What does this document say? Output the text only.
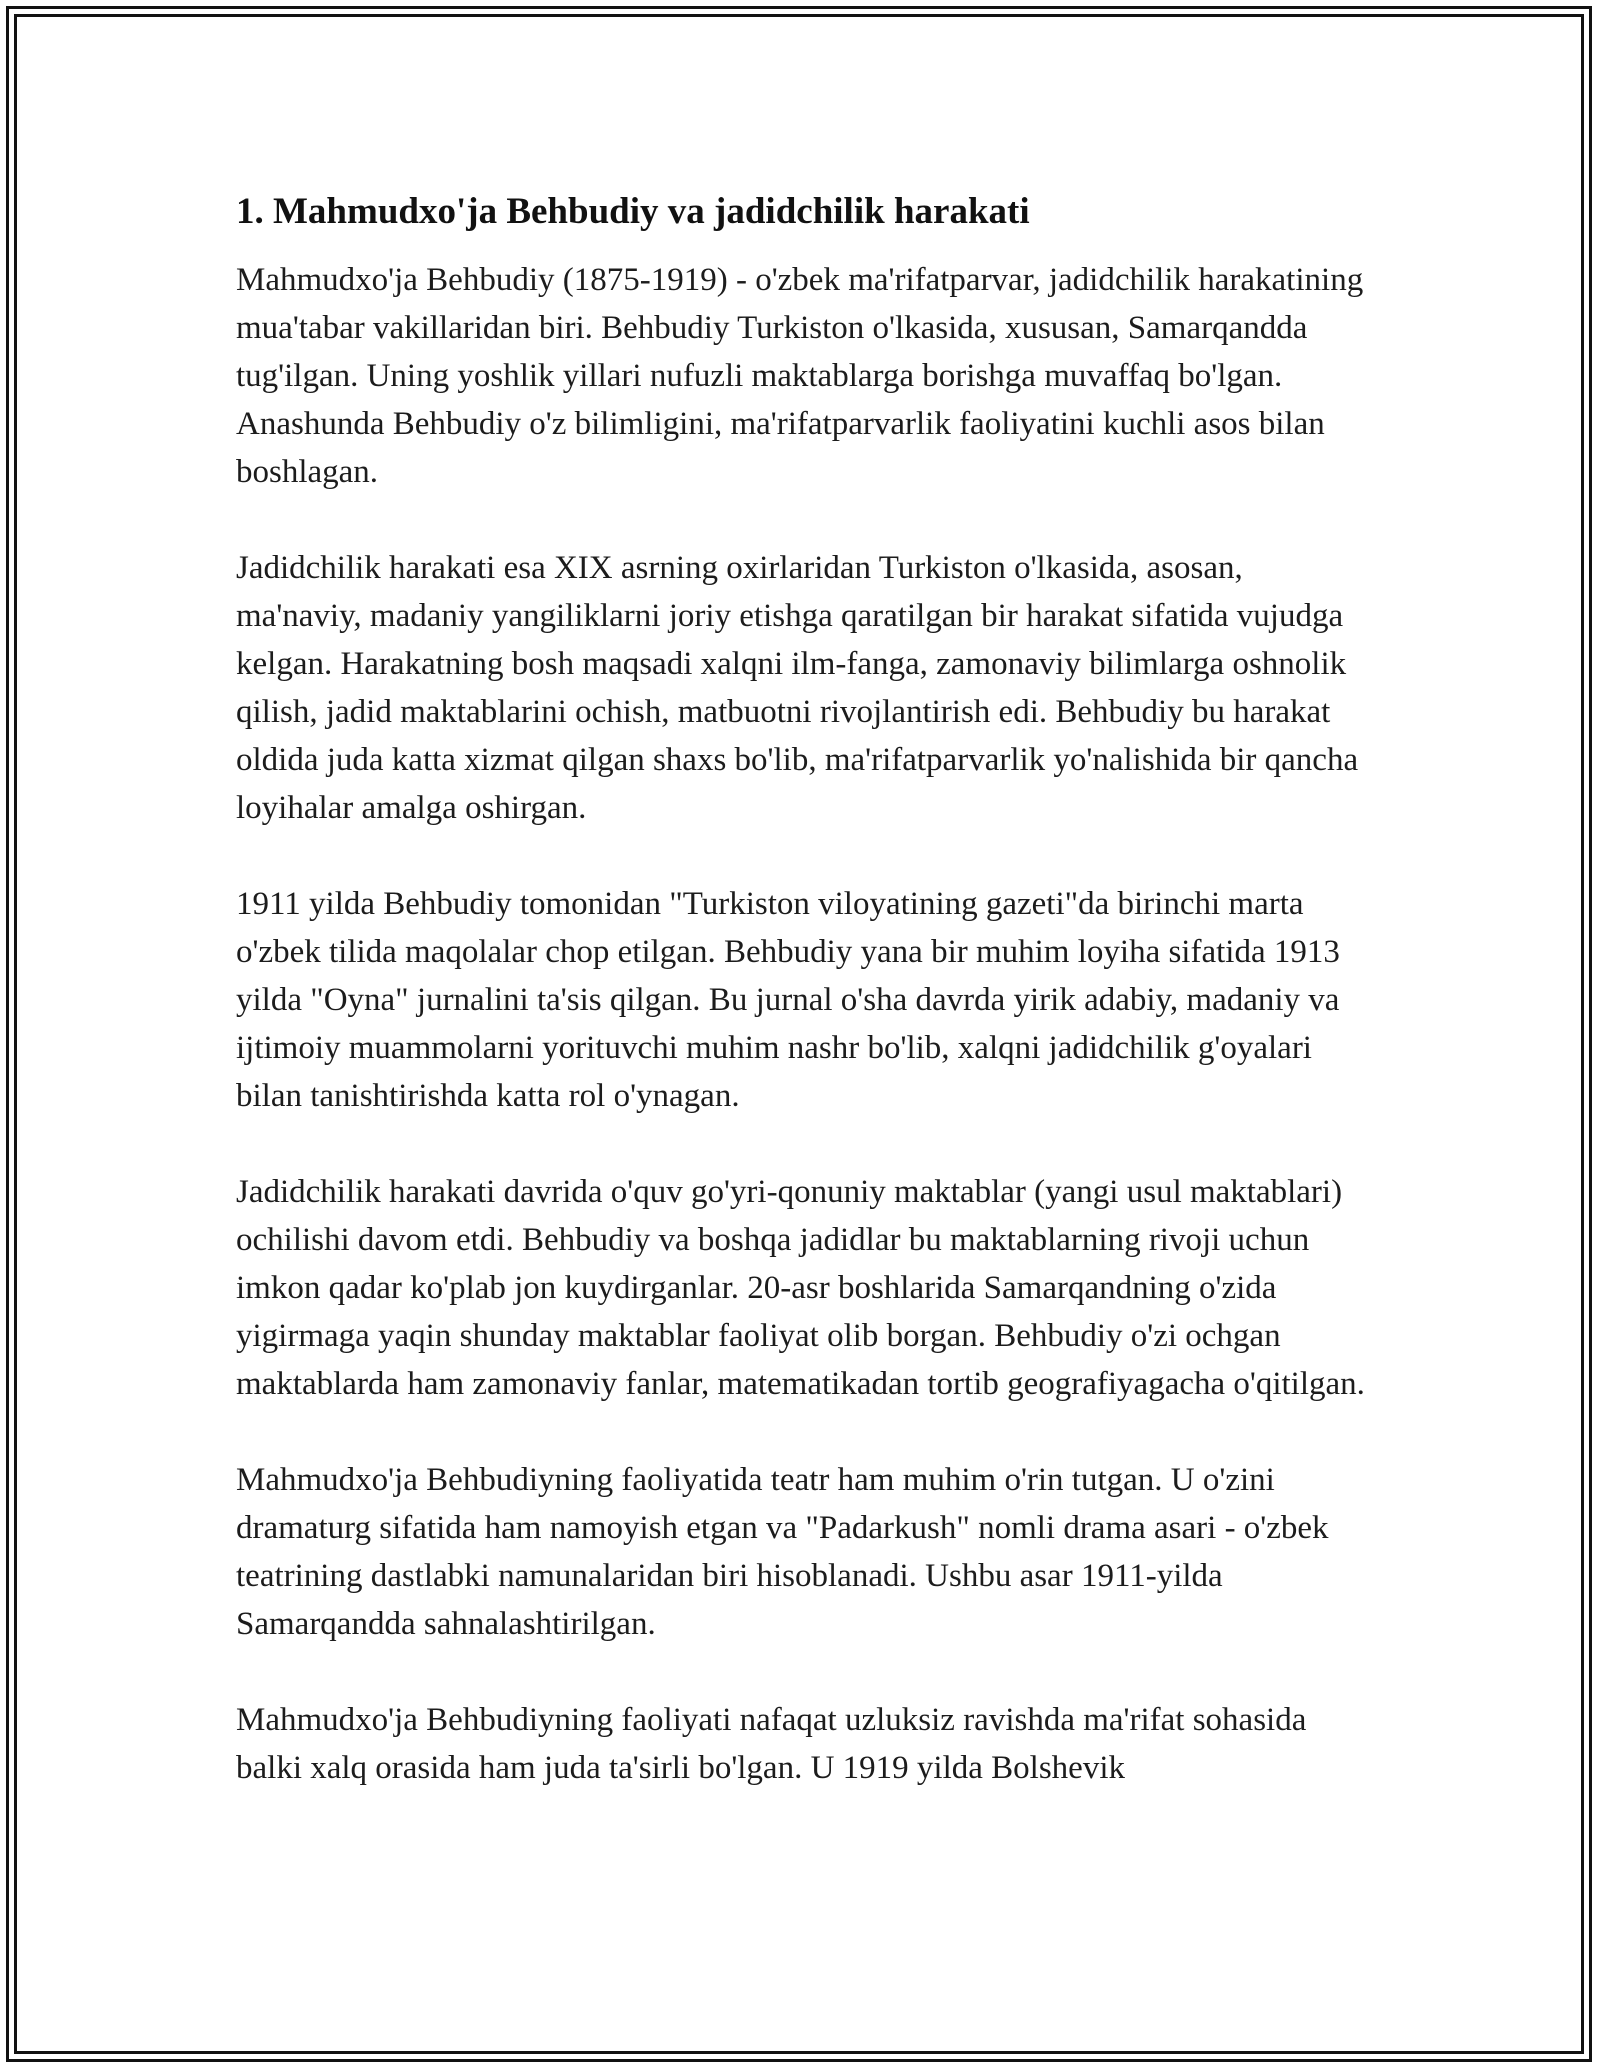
1. Mahmudxo'ja Behbudiy va jadidchilik harakati

Mahmudxo'ja Behbudiy (1875-1919) - o'zbek ma'rifatparvar, jadidchilik harakatining mua'tabar vakillaridan biri. Behbudiy Turkiston o'lkasida, xususan, Samarqandda tug'ilgan. Uning yoshlik yillari nufuzli maktablarga borishga muvaffaq bo'lgan. Anashunda Behbudiy o'z bilimligini, ma'rifatparvarlik faoliyatini kuchli asos bilan boshlagan.

Jadidchilik harakati esa XIX asrning oxirlaridan Turkiston o'lkasida, asosan, ma'naviy, madaniy yangiliklarni joriy etishga qaratilgan bir harakat sifatida vujudga kelgan. Harakatning bosh maqsadi xalqni ilm-fanga, zamonaviy bilimlarga oshnolik qilish, jadid maktablarini ochish, matbuotni rivojlantirish edi. Behbudiy bu harakat oldida juda katta xizmat qilgan shaxs bo'lib, ma'rifatparvarlik yo'nalishida bir qancha loyihalar amalga oshirgan.

1911 yilda Behbudiy tomonidan "Turkiston viloyatining gazeti"da birinchi marta o'zbek tilida maqolalar chop etilgan. Behbudiy yana bir muhim loyiha sifatida 1913 yilda "Oyna" jurnalini ta'sis qilgan. Bu jurnal o'sha davrda yirik adabiy, madaniy va ijtimoiy muammolarni yorituvchi muhim nashr bo'lib, xalqni jadidchilik g'oyalari bilan tanishtirishda katta rol o'ynagan.

Jadidchilik harakati davrida o'quv go'yri-qonuniy maktablar (yangi usul maktablari) ochilishi davom etdi. Behbudiy va boshqa jadidlar bu maktablarning rivoji uchun imkon qadar ko'plab jon kuydirganlar. 20-asr boshlarida Samarqandning o'zida yigirmaga yaqin shunday maktablar faoliyat olib borgan. Behbudiy o'zi ochgan maktablarda ham zamonaviy fanlar, matematikadan tortib geografiyagacha o'qitilgan.

Mahmudxo'ja Behbudiyning faoliyatida teatr ham muhim o'rin tutgan. U o'zini dramaturg sifatida ham namoyish etgan va "Padarkush" nomli drama asari - o'zbek teatrining dastlabki namunalaridan biri hisoblanadi. Ushbu asar 1911-yilda Samarqandda sahnalashtirilgan.

Mahmudxo'ja Behbudiyning faoliyati nafaqat uzluksiz ravishda ma'rifat sohasida balki xalq orasida ham juda ta'sirli bo'lgan. U 1919 yilda Bolshevik
